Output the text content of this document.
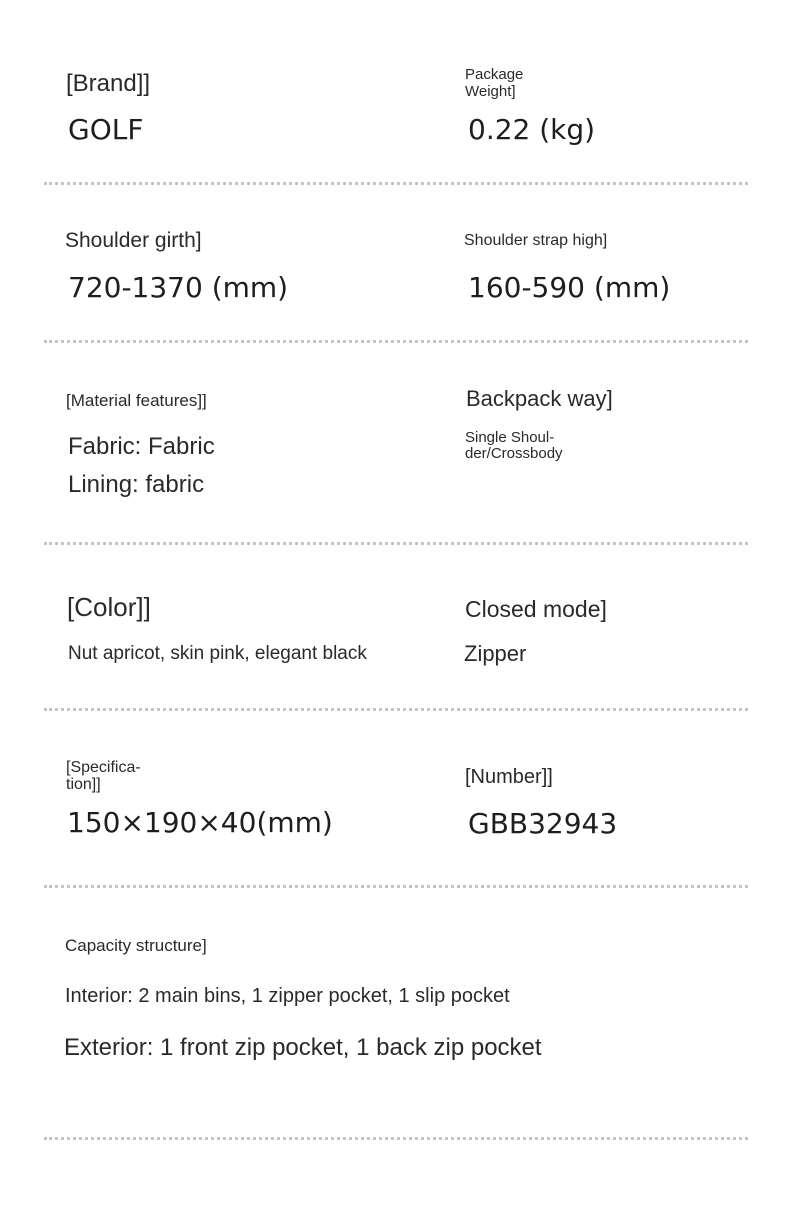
[Brand]]
GOLF
Package
Weight]
0.22 (kg)
Shoulder girth]
720-1370 (mm)
Shoulder strap high]
160-590 (mm)
[Material features]]
Fabric: Fabric
Lining: fabric
Backpack way]
Single Shoul-
der/Crossbody
[Color]]
Nut apricot, skin pink, elegant black
Closed mode]
Zipper
[Specifica-
tion]]
150×190×40(mm)
[Number]]
GBB32943
Capacity structure]
Interior: 2 main bins, 1 zipper pocket, 1 slip pocket
Exterior: 1 front zip pocket, 1 back zip pocket
